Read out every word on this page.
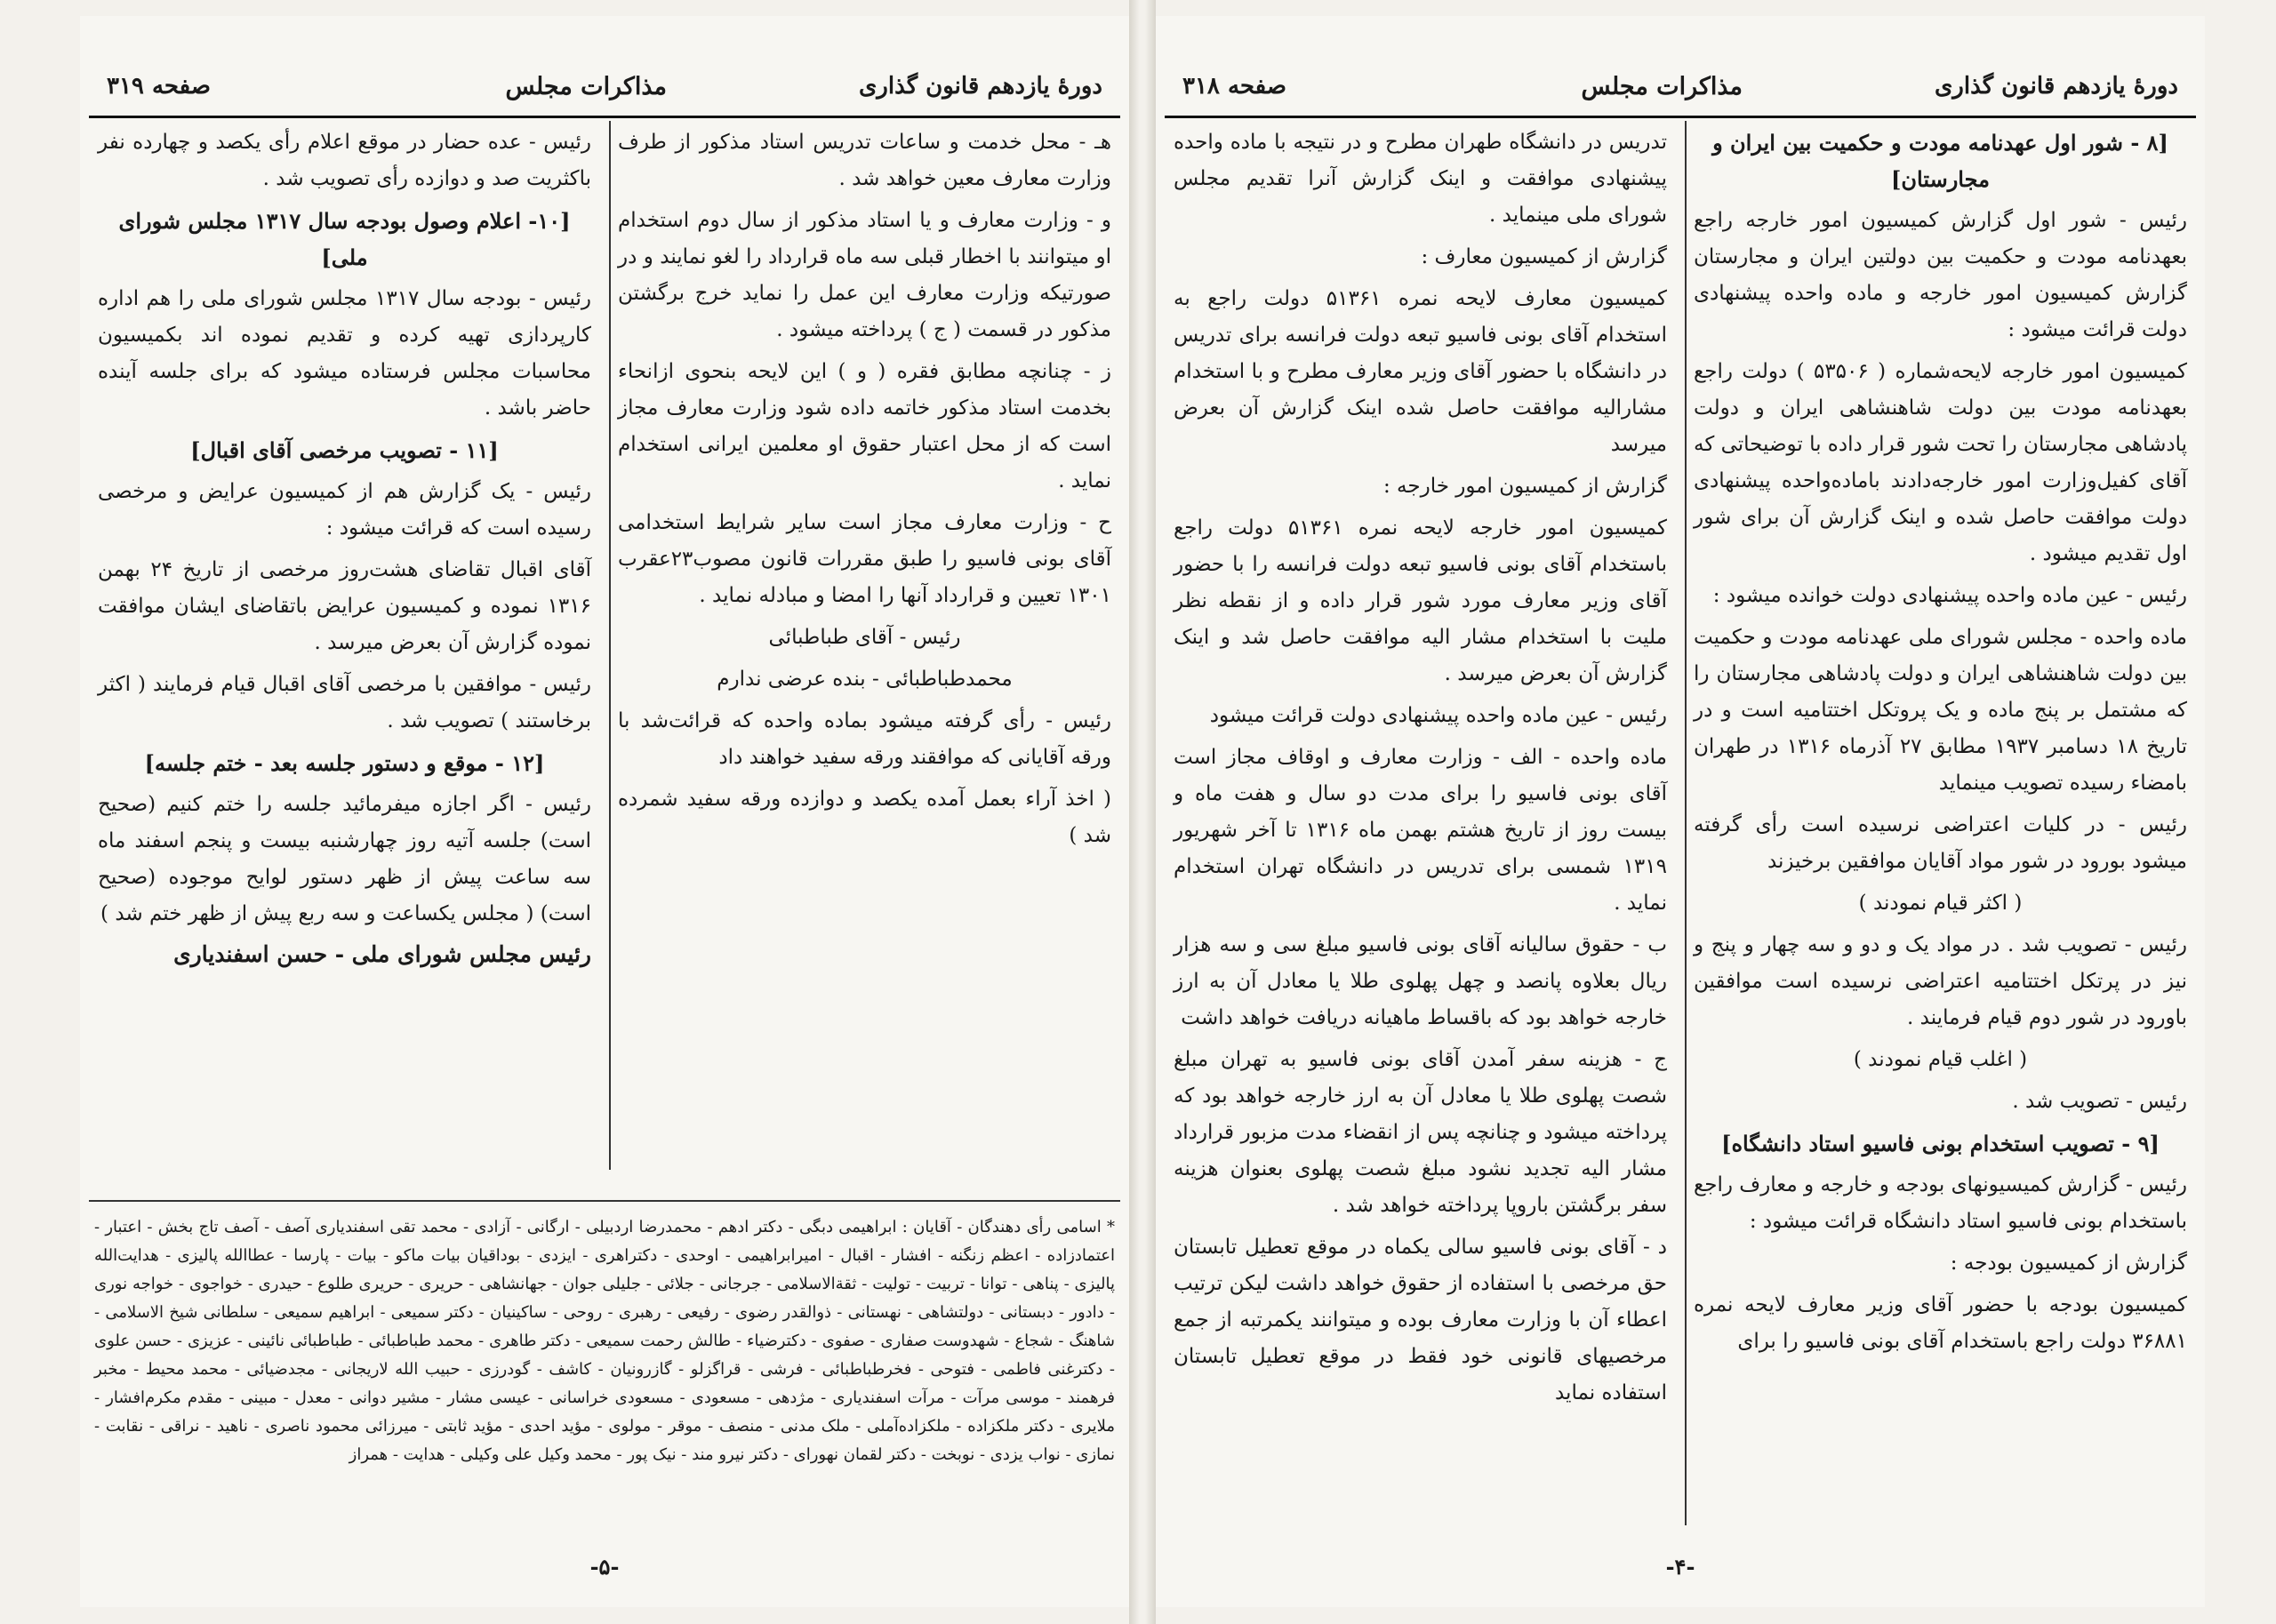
دورهٔ یازدهم قانون گذاری
مذاکرات مجلس
صفحه ۳۱۹

هـ - محل خدمت و ساعات تدریس استاد مذکور از طرف وزارت معارف معین خواهد شد .

و - وزارت معارف و یا استاد مذکور از سال دوم استخدام او میتوانند با اخطار قبلی سه ماه قرارداد را لغو نمایند و در صورتیکه وزارت معارف این عمل را نماید خرج برگشتن مذکور در قسمت ( ج ) پرداخته میشود .

ز - چنانچه مطابق فقره ( و ) این لایحه بنحوی ازانحاء بخدمت استاد مذکور خاتمه داده شود وزارت معارف مجاز است که از محل اعتبار حقوق او معلمین ایرانی استخدام نماید .

ح - وزارت معارف مجاز است سایر شرایط استخدامی آقای بونی فاسیو را طبق مقررات قانون مصوب۲۳عقرب ۱۳۰۱ تعیین و قرارداد آنها را امضا و مبادله نماید .

رئیس - آقای طباطبائی

محمدطباطبائی - بنده عرضی ندارم

رئیس - رأی گرفته میشود بماده واحده که قرائت‌شد با ورقه آقایانی که موافقند ورقه سفید خواهند داد

( اخذ آراء بعمل آمده یکصد و دوازده ورقه سفید شمرده شد )

رئیس - عده حضار در موقع اعلام رأی یکصد و چهارده نفر باکثریت صد و دوازده رأی تصویب شد .

[۱۰- اعلام وصول بودجه سال ۱۳۱۷ مجلس شورای ملی]

رئیس - بودجه سال ۱۳۱۷ مجلس شورای ملی را هم اداره کارپردازی تهیه کرده و تقدیم نموده اند بکمیسیون محاسبات مجلس فرستاده میشود که برای جلسه آینده حاضر باشد .

[۱۱ - تصویب مرخصی آقای اقبال]

رئیس - یک گزارش هم از کمیسیون عرایض و مرخصی رسیده است که قرائت میشود :

آقای اقبال تقاضای هشت‌روز مرخصی از تاریخ ۲۴ بهمن ۱۳۱۶ نموده و کمیسیون عرایض باتقاضای ایشان موافقت نموده گزارش آن بعرض میرسد .

رئیس - موافقین با مرخصی آقای اقبال قیام فرمایند ( اکثر برخاستند ) تصویب شد .

[۱۲ - موقع و دستور جلسه بعد - ختم جلسه]

رئیس - اگر اجازه میفرمائید جلسه را ختم کنیم (صحیح است) جلسه آتیه روز چهارشنبه بیست و پنجم اسفند ماه سه ساعت پیش از ظهر دستور لوایح موجوده (صحیح است) ( مجلس یکساعت و سه ربع پیش از ظهر ختم شد )

رئیس مجلس شورای ملی - حسن اسفندیاری

* اسامی رأی دهندگان - آقایان : ابراهیمی دبگی - دکتر ادهم - محمدرضا اردبیلی - ارگانی - آزادی - محمد تقی اسفندیاری آصف - آصف تاج بخش - اعتبار - اعتمادزاده - اعظم زنگنه - افشار - اقبال - امیرابراهیمی - اوحدی - دکتراهری - ایزدی - بوداقیان بیات ماکو - بیات - پارسا - عطاالله پالیزی - هدایت‌الله پالیزی - پناهی - توانا - تربیت - تولیت - ثقة‌الاسلامی - جرجانی - جلائی - جلیلی جوان - جهانشاهی - حریری - حریری طلوع - حیدری - خواجوی - خواجه نوری - دادور - دبستانی - دولتشاهی - نهستانی - ذوالقدر رضوی - رفیعی - رهبری - روحی - ساکینیان - دکتر سمیعی - ابراهیم سمیعی - سلطانی شیخ الاسلامی - شاهنگ - شجاع - شهدوست صفاری - صفوی - دکترضیاء - طالش رحمت سمیعی - دکتر طاهری - محمد طباطبائی - طباطبائی نائینی - عزیزی - حسن علوی - دکترغنی فاطمی - فتوحی - فخرطباطبائی - فرشی - قراگزلو - گازرونیان - کاشف - گودرزی - حبیب الله لاریجانی - مجدضیائی - محمد محیط - مخبر فرهمند - موسی مرآت - مرآت اسفندیاری - مژدهی - مسعودی - مسعودی خراسانی - عیسی مشار - مشیر دوانی - معدل - مبینی - مقدم مکرم‌افشار - ملایری - دکتر ملکزاده - ملکزاده‌آملی - ملک مدنی - منصف - موقر - مولوی - مؤید احدی - مؤید ثابتی - میرزائی محمود ناصری - ناهید - نراقی - نقابت - نمازی - نواب یزدی - نوبخت - دکتر لقمان نهورای - دکتر نیرو مند - نیک پور - محمد وکیل علی وکیلی - هدایت - همراز
-۵-
دورهٔ یازدهم قانون گذاری
مذاکرات مجلس
صفحه ۳۱۸

[۸ - شور اول عهدنامه مودت و حکمیت بین ایران و مجارستان]

رئیس - شور اول گزارش کمیسیون امور خارجه راجع بعهدنامه مودت و حکمیت بین دولتین ایران و مجارستان گزارش کمیسیون امور خارجه و ماده واحده پیشنهادی دولت قرائت میشود :

کمیسیون امور خارجه لایحه‌شماره ( ۵۳۵۰۶ ) دولت راجع بعهدنامه مودت بین دولت شاهنشاهی ایران و دولت پادشاهی مجارستان را تحت شور قرار داده با توضیحاتی که آقای کفیل‌وزارت امور خارجه‌دادند باماده‌واحده پیشنهادی دولت موافقت حاصل شده و اینک گزارش آن برای شور اول تقدیم میشود .

رئیس - عین ماده واحده پیشنهادی دولت خوانده میشود :

ماده واحده - مجلس شورای ملی عهدنامه مودت و حکمیت بین دولت شاهنشاهی ایران و دولت پادشاهی مجارستان را که مشتمل بر پنج ماده و یک پروتکل اختتامیه است و در تاریخ ۱۸ دسامبر ۱۹۳۷ مطابق ۲۷ آذرماه ۱۳۱۶ در طهران بامضاء رسیده تصویب مینماید

رئیس - در کلیات اعتراضی نرسیده است رأی گرفته میشود بورود در شور مواد آقایان موافقین برخیزند

( اکثر قیام نمودند )

رئیس - تصویب شد . در مواد یک و دو و سه چهار و پنج و نیز در پرتکل اختتامیه اعتراضی نرسیده است موافقین باورود در شور دوم قیام فرمایند .

( اغلب قیام نمودند )

رئیس - تصویب شد .

[۹ - تصویب استخدام بونی فاسیو استاد دانشگاه]

رئیس - گزارش کمیسیونهای بودجه و خارجه و معارف راجع باستخدام بونی فاسیو استاد دانشگاه قرائت میشود :

گزارش از کمیسیون بودجه :

کمیسیون بودجه با حضور آقای وزیر معارف لایحه نمره ۳۶۸۸۱ دولت راجع باستخدام آقای بونی فاسیو را برای

تدریس در دانشگاه طهران مطرح و در نتیجه با ماده واحده پیشنهادی موافقت و اینک گزارش آنرا تقدیم مجلس شورای ملی مینماید .

گزارش از کمیسیون معارف :

کمیسیون معارف لایحه نمره ۵۱۳۶۱ دولت راجع به استخدام آقای بونی فاسیو تبعه دولت فرانسه برای تدریس در دانشگاه با حضور آقای وزیر معارف مطرح و با استخدام مشارالیه موافقت حاصل شده اینک گزارش آن بعرض میرسد

گزارش از کمیسیون امور خارجه :

کمیسیون امور خارجه لایحه نمره ۵۱۳۶۱ دولت راجع باستخدام آقای بونی فاسیو تبعه دولت فرانسه را با حضور آقای وزیر معارف مورد شور قرار داده و از نقطه نظر ملیت با استخدام مشار الیه موافقت حاصل شد و اینک گزارش آن بعرض میرسد .

رئیس - عین ماده واحده پیشنهادی دولت قرائت میشود

ماده واحده - الف - وزارت معارف و اوقاف مجاز است آقای بونی فاسیو را برای مدت دو سال و هفت ماه و بیست روز از تاریخ هشتم بهمن ماه ۱۳۱۶ تا آخر شهریور ۱۳۱۹ شمسی برای تدریس در دانشگاه تهران استخدام نماید .

ب - حقوق سالیانه آقای بونی فاسیو مبلغ سی و سه هزار ریال بعلاوه پانصد و چهل پهلوی طلا یا معادل آن به ارز خارجه خواهد بود که باقساط ماهیانه دریافت خواهد داشت

ج - هزینه سفر آمدن آقای بونی فاسیو به تهران مبلغ شصت پهلوی طلا یا معادل آن به ارز خارجه خواهد بود که پرداخته میشود و چنانچه پس از انقضاء مدت مزبور قرارداد مشار الیه تجدید نشود مبلغ شصت پهلوی بعنوان هزینه سفر برگشتن باروپا پرداخته خواهد شد .

د - آقای بونی فاسیو سالی یکماه در موقع تعطیل تابستان حق مرخصی با استفاده از حقوق خواهد داشت لیکن ترتیب اعطاء آن با وزارت معارف بوده و میتوانند یکمرتبه از جمع مرخصیهای قانونی خود فقط در موقع تعطیل تابستان استفاده نماید

-۴-
